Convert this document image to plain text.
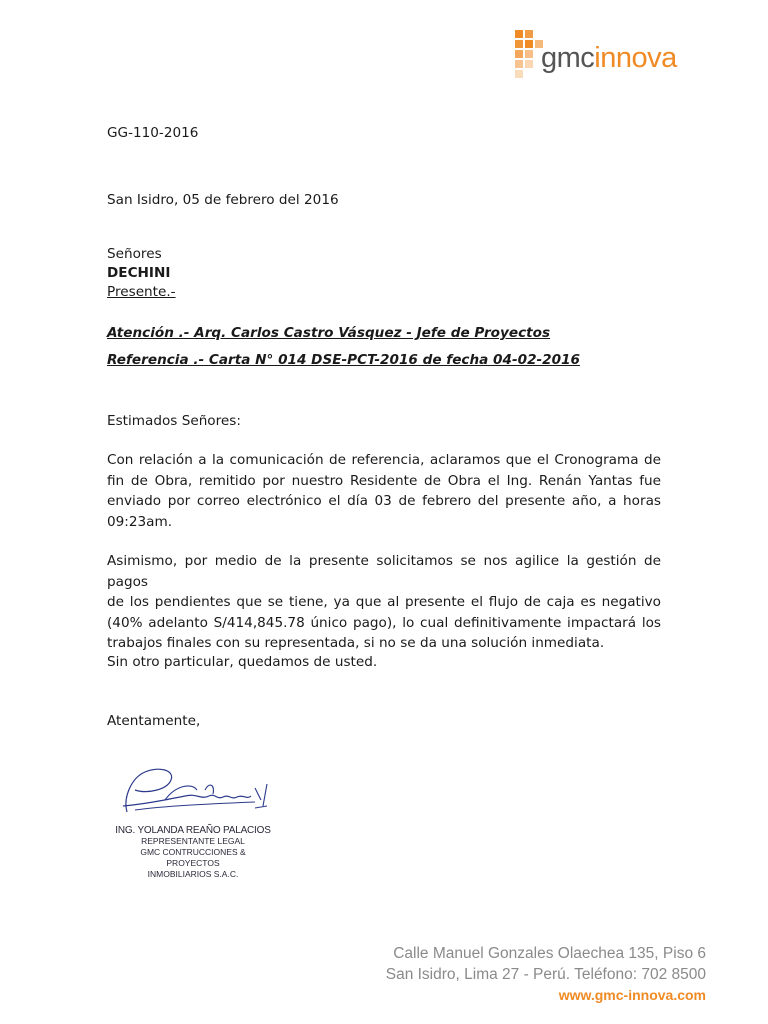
gmcinnova
GG-110-2016
San Isidro, 05 de febrero del 2016
Señores
DECHINI
Presente.-
Atención .- Arq. Carlos Castro Vásquez - Jefe de Proyectos
Referencia .- Carta N° 014 DSE-PCT-2016 de fecha 04-02-2016
Estimados Señores:
Con relación a la comunicación de referencia, aclaramos que el Cronograma de
fin de Obra, remitido por nuestro Residente de Obra el Ing. Renán Yantas fue
enviado por correo electrónico el día 03 de febrero del presente año, a horas
09:23am.
Asimismo, por medio de la presente solicitamos se nos agilice la gestión de pagos
de los pendientes que se tiene, ya que al presente el flujo de caja es negativo
(40% adelanto S/414,845.78 único pago), lo cual definitivamente impactará los
trabajos finales con su representada, si no se da una solución inmediata.
Sin otro particular, quedamos de usted.
Atentamente,
ING. YOLANDA REAÑO PALACIOS
REPRESENTANTE LEGAL
GMC CONTRUCCIONES & PROYECTOS
INMOBILIARIOS S.A.C.
Calle Manuel Gonzales Olaechea 135, Piso 6
San Isidro, Lima 27 - Perú. Teléfono: 702 8500
www.gmc-innova.com
